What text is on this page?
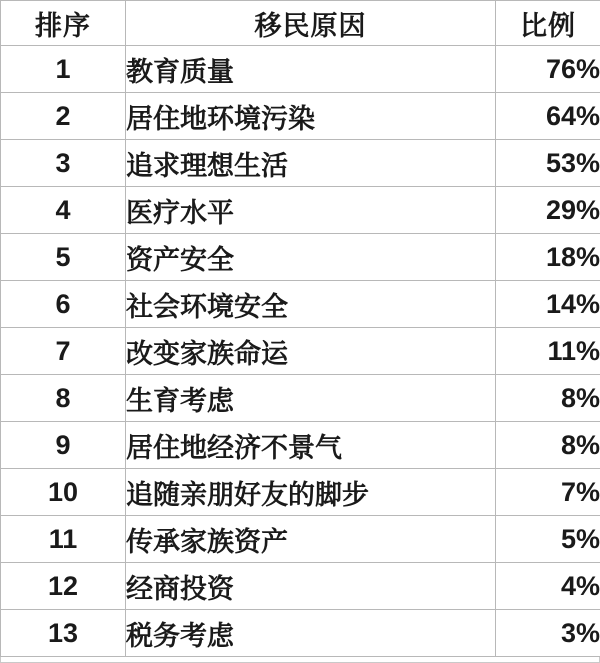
排序	移民原因	比例
1	教育质量	76%
2	居住地环境污染	64%
3	追求理想生活	53%
4	医疗水平	29%
5	资产安全	18%
6	社会环境安全	14%
7	改变家族命运	11%
8	生育考虑	8%
9	居住地经济不景气	8%
10	追随亲朋好友的脚步	7%
11	传承家族资产	5%
12	经商投资	4%
13	税务考虑	3%
